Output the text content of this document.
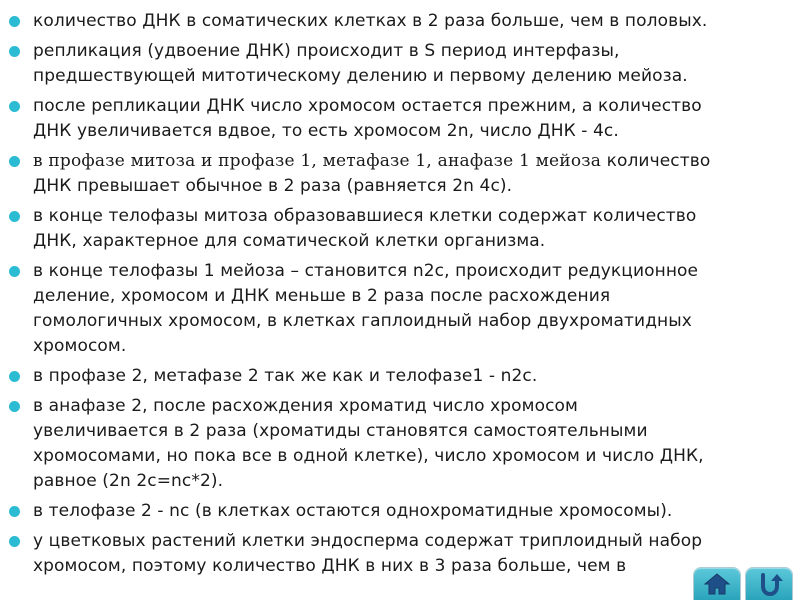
количество ДНК в соматических клетках в 2 раза больше, чем в половых.
репликация (удвоение ДНК) происходит в S период интерфазы,
предшествующей митотическому делению и первому делению мейоза.
после репликации ДНК число хромосом остается прежним, а количество
ДНК увеличивается вдвое, то есть хромосом 2n, число ДНК - 4c.
в профазе митоза и профазе 1, метафазе 1, анафазе 1 мейоза количество
ДНК превышает обычное в 2 раза (равняется 2n 4c).
в конце телофазы митоза образовавшиеся клетки содержат количество
ДНК, характерное для соматической клетки организма.
в конце телофазы 1 мейоза – становится n2c, происходит редукционное
деление, хромосом и ДНК меньше в 2 раза после расхождения
гомологичных хромосом, в клетках гаплоидный набор двухроматидных
хромосом.
в профазе 2, метафазе 2 так же как и телофазе1 - n2c.
в анафазе 2, после расхождения хроматид число хромосом
увеличивается в 2 раза (хроматиды становятся самостоятельными
хромосомами, но пока все в одной клетке), число хромосом и число ДНК,
равное (2n 2c=nc*2).
в телофазе 2 - nc (в клетках остаются однохроматидные хромосомы).
у цветковых растений клетки эндосперма содержат триплоидный набор
хромосом, поэтому количество ДНК в них в 3 раза больше, чем в
